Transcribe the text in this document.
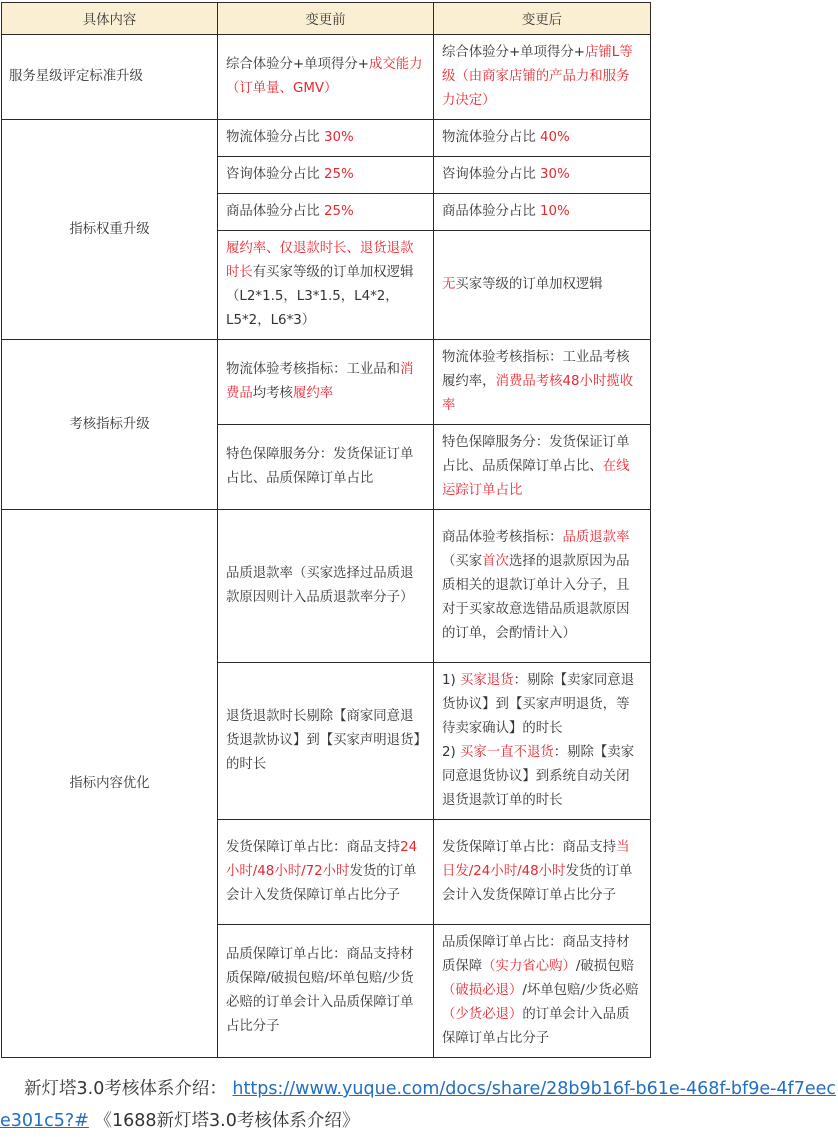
具体内容	变更前	变更后
服务星级评定标准升级	综合体验分+单项得分+成交能力（订单量、GMV）	综合体验分+单项得分+店铺L等级（由商家店铺的产品力和服务力决定）
指标权重升级	物流体验分占比 30%	物流体验分占比 40%
	咨询体验分占比 25%	咨询体验分占比 30%
	商品体验分占比 25%	商品体验分占比 10%
	履约率、仅退款时长、退货退款时长有买家等级的订单加权逻辑（L2*1.5，L3*1.5，L4*2，L5*2，L6*3）	无买家等级的订单加权逻辑
考核指标升级	物流体验考核指标：工业品和消费品均考核履约率	物流体验考核指标：工业品考核履约率，消费品考核48小时揽收率
	特色保障服务分：发货保证订单占比、品质保障订单占比	特色保障服务分：发货保证订单占比、品质保障订单占比、在线运踪订单占比
指标内容优化	品质退款率（买家选择过品质退款原因则计入品质退款率分子）	商品体验考核指标：品质退款率（买家首次选择的退款原因为品质相关的退款订单计入分子，且对于买家故意选错品质退款原因的订单，会酌情计入）
	退货退款时长剔除【商家同意退货退款协议】到【买家声明退货】的时长	1) 买家退货：剔除【卖家同意退货协议】到【买家声明退货，等待卖家确认】的时长
2) 买家一直不退货：剔除【卖家同意退货协议】到系统自动关闭退货退款订单的时长
	发货保障订单占比：商品支持24小时/48小时/72小时发货的订单会计入发货保障订单占比分子	发货保障订单占比：商品支持当日发/24小时/48小时发货的订单会计入发货保障订单占比分子
	品质保障订单占比：商品支持材质保障/破损包赔/坏单包赔/少货必赔的订单会计入品质保障订单占比分子	品质保障订单占比：商品支持材质保障（实力省心购）/破损包赔（破损必退）/坏单包赔/少货必赔（少货必退）的订单会计入品质保障订单占比分子
新灯塔3.0考核体系介绍： https://www.yuque.com/docs/share/28b9b16f-b61e-468f-bf9e-4f7eece301c5?# 《1688新灯塔3.0考核体系介绍》
